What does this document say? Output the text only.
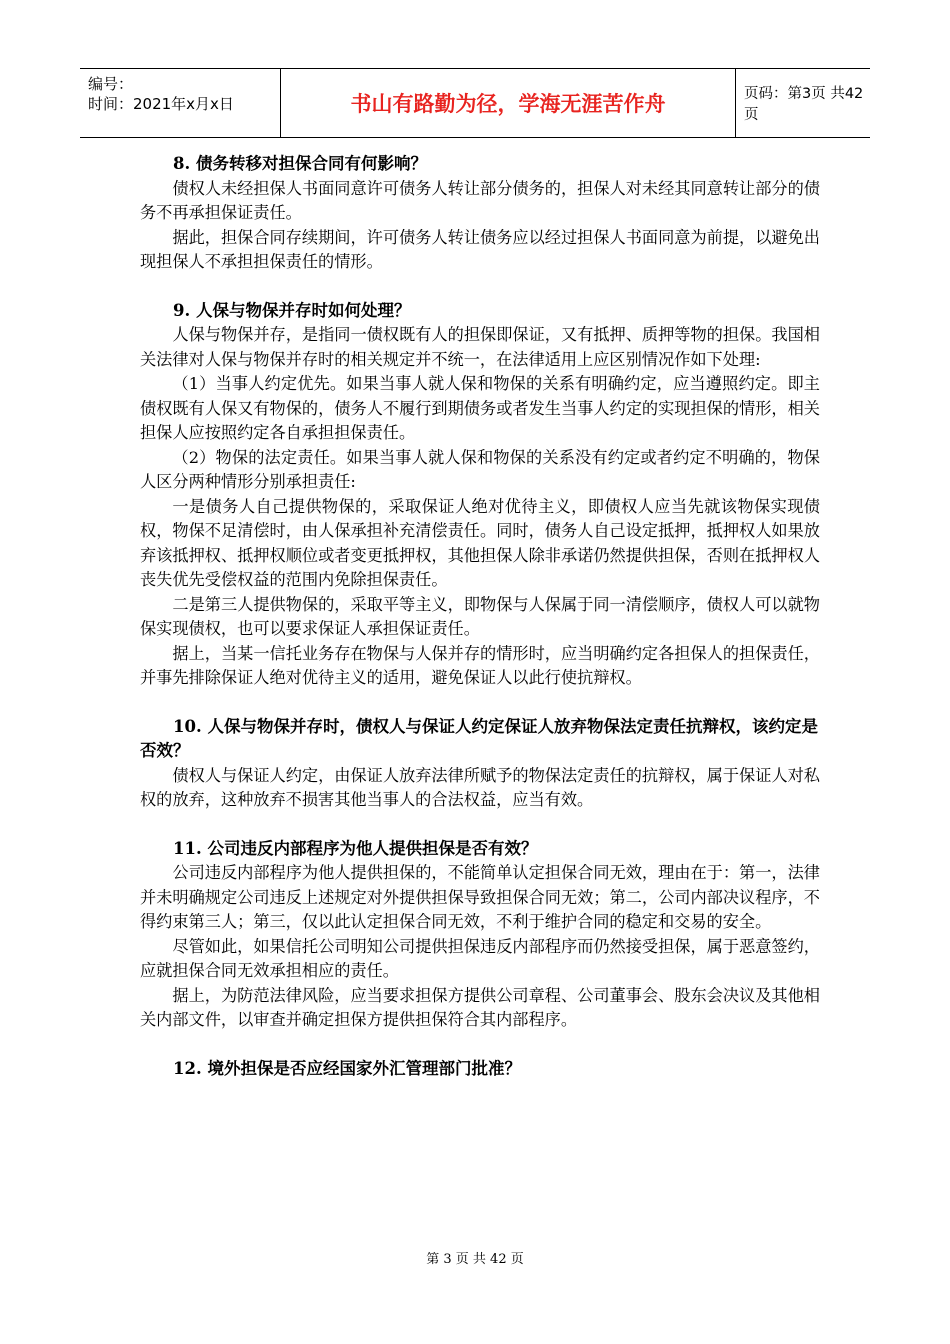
编号：
时间：2021年x月x日	书山有路勤为径，学海无涯苦作舟	页码：第3页 共42页
8. 债务转移对担保合同有何影响？

债权人未经担保人书面同意许可债务人转让部分债务的，担保人对未经其同意转让部分的债务不再承担保证责任。

据此，担保合同存续期间，许可债务人转让债务应以经过担保人书面同意为前提，以避免出现担保人不承担担保责任的情形。

9. 人保与物保并存时如何处理？

人保与物保并存，是指同一债权既有人的担保即保证，又有抵押、质押等物的担保。我国相关法律对人保与物保并存时的相关规定并不统一，在法律适用上应区别情况作如下处理:

（1）当事人约定优先。如果当事人就人保和物保的关系有明确约定，应当遵照约定。即主债权既有人保又有物保的，债务人不履行到期债务或者发生当事人约定的实现担保的情形，相关担保人应按照约定各自承担担保责任。

（2）物保的法定责任。如果当事人就人保和物保的关系没有约定或者约定不明确的，物保人区分两种情形分别承担责任:

一是债务人自己提供物保的，采取保证人绝对优待主义，即债权人应当先就该物保实现债权，物保不足清偿时，由人保承担补充清偿责任。同时，债务人自己设定抵押，抵押权人如果放弃该抵押权、抵押权顺位或者变更抵押权，其他担保人除非承诺仍然提供担保，否则在抵押权人丧失优先受偿权益的范围内免除担保责任。

二是第三人提供物保的，采取平等主义，即物保与人保属于同一清偿顺序，债权人可以就物保实现债权，也可以要求保证人承担保证责任。

据上，当某一信托业务存在物保与人保并存的情形时，应当明确约定各担保人的担保责任，并事先排除保证人绝对优待主义的适用，避免保证人以此行使抗辩权。

10. 人保与物保并存时，债权人与保证人约定保证人放弃物保法定责任抗辩权，该约定是否效？

债权人与保证人约定，由保证人放弃法律所赋予的物保法定责任的抗辩权，属于保证人对私权的放弃，这种放弃不损害其他当事人的合法权益，应当有效。

11. 公司违反内部程序为他人提供担保是否有效？

公司违反内部程序为他人提供担保的，不能简单认定担保合同无效，理由在于：第一，法律并未明确规定公司违反上述规定对外提供担保导致担保合同无效；第二，公司内部决议程序，不得约束第三人；第三，仅以此认定担保合同无效，不利于维护合同的稳定和交易的安全。

尽管如此，如果信托公司明知公司提供担保违反内部程序而仍然接受担保，属于恶意签约，应就担保合同无效承担相应的责任。

据上，为防范法律风险，应当要求担保方提供公司章程、公司董事会、股东会决议及其他相关内部文件，以审查并确定担保方提供担保符合其内部程序。

12. 境外担保是否应经国家外汇管理部门批准？
第 3 页 共 42 页
